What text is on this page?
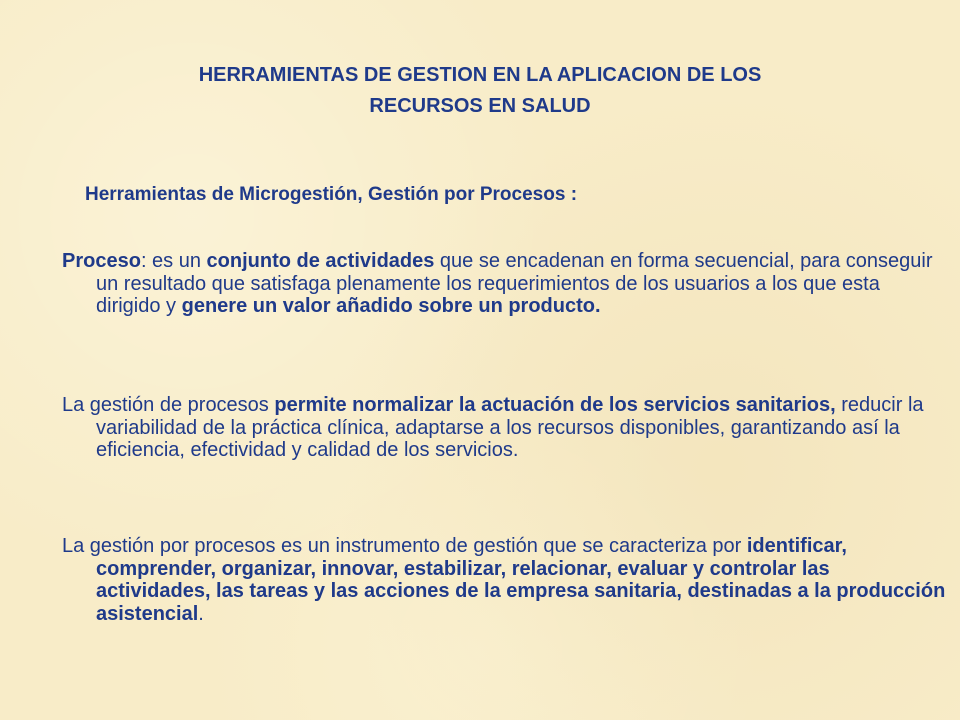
HERRAMIENTAS DE GESTION EN LA APLICACION DE LOS
RECURSOS EN SALUD

Herramientas de Microgestión, Gestión por Procesos :

Proceso: es un conjunto de actividades que se encadenan en forma secuencial, para conseguir un resultado que satisfaga plenamente los requerimientos de los usuarios a los que esta dirigido y genere un valor añadido sobre un producto.

La gestión de procesos permite normalizar la actuación de los servicios sanitarios, reducir la variabilidad de la práctica clínica, adaptarse a los recursos disponibles, garantizando así la eficiencia, efectividad y calidad de los servicios.

La gestión por procesos es un instrumento de gestión que se caracteriza por identificar, comprender, organizar, innovar, estabilizar, relacionar, evaluar y controlar las actividades, las tareas y las acciones de la empresa sanitaria, destinadas a la producción asistencial.
